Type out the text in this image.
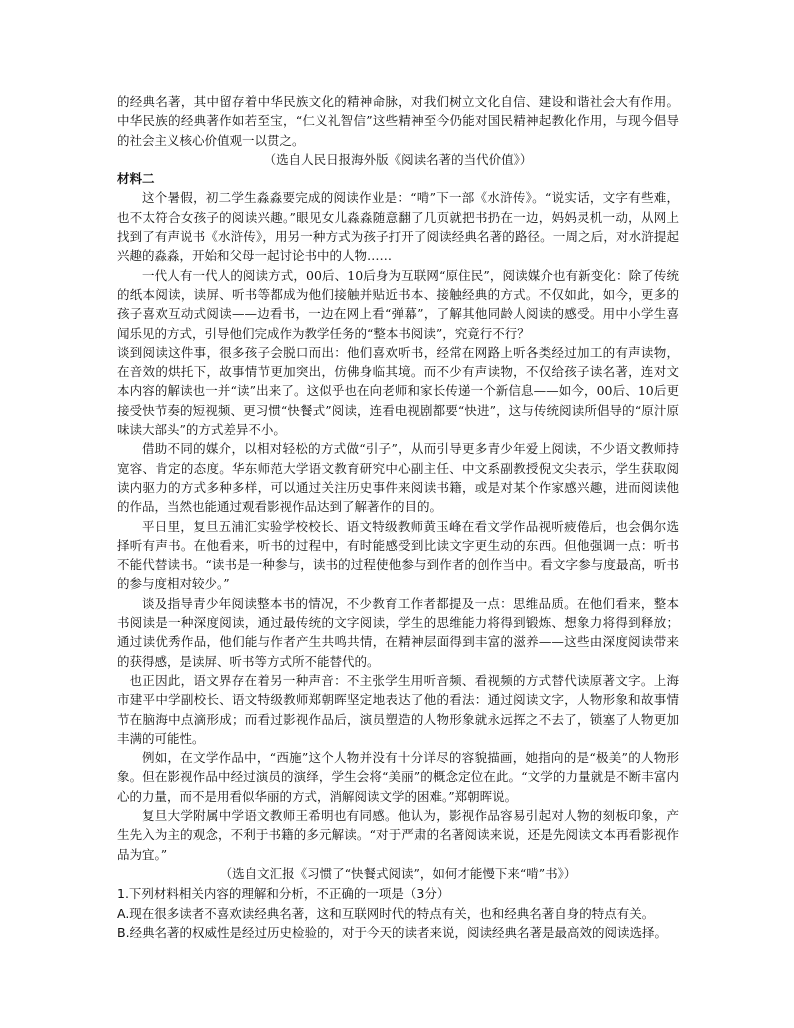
的经典名著，其中留存着中华民族文化的精神命脉，对我们树立文化自信、建设和谐社会大有作用。中华民族的经典著作如若至宝，“仁义礼智信”这些精神至今仍能对国民精神起教化作用，与现今倡导的社会主义核心价值观一以贯之。

（选自人民日报海外版《阅读名著的当代价值》）

材料二

这个暑假，初二学生淼淼要完成的阅读作业是：“啃”下一部《水浒传》。“说实话，文字有些难，也不太符合女孩子的阅读兴趣。”眼见女儿淼淼随意翻了几页就把书扔在一边，妈妈灵机一动，从网上找到了有声说书《水浒传》，用另一种方式为孩子打开了阅读经典名著的路径。一周之后，对水浒提起兴趣的淼淼，开始和父母一起讨论书中的人物……

一代人有一代人的阅读方式，00后、10后身为互联网“原住民”，阅读媒介也有新变化：除了传统的纸本阅读，读屏、听书等都成为他们接触并贴近书本、接触经典的方式。不仅如此，如今，更多的孩子喜欢互动式阅读——边看书，一边在网上看“弹幕”，了解其他同龄人阅读的感受。用中小学生喜闻乐见的方式，引导他们完成作为教学任务的“整本书阅读”，究竟行不行？

谈到阅读这件事，很多孩子会脱口而出：他们喜欢听书，经常在网路上听各类经过加工的有声读物，在音效的烘托下，故事情节更加突出，仿佛身临其境。而不少有声读物，不仅给孩子读名著，连对文本内容的解读也一并“读”出来了。这似乎也在向老师和家长传递一个新信息——如今，00后、10后更接受快节奏的短视频、更习惯“快餐式”阅读，连看电视剧都要“快进”，这与传统阅读所倡导的“原汁原味读大部头”的方式差异不小。

借助不同的媒介，以相对轻松的方式做“引子”，从而引导更多青少年爱上阅读，不少语文教师持宽容、肯定的态度。华东师范大学语文教育研究中心副主任、中文系副教授倪文尖表示，学生获取阅读内驱力的方式多种多样，可以通过关注历史事件来阅读书籍，或是对某个作家感兴趣，进而阅读他的作品，当然也能通过观看影视作品达到了解著作的目的。

平日里，复旦五浦汇实验学校校长、语文特级教师黄玉峰在看文学作品视听疲倦后，也会偶尔选择听有声书。在他看来，听书的过程中，有时能感受到比读文字更生动的东西。但他强调一点：听书不能代替读书。“读书是一种参与，读书的过程使他参与到作者的创作当中。看文字参与度最高，听书的参与度相对较少。”

谈及指导青少年阅读整本书的情况，不少教育工作者都提及一点：思维品质。在他们看来，整本书阅读是一种深度阅读，通过最传统的文字阅读，学生的思维能力将得到锻炼、想象力将得到释放；通过读优秀作品，他们能与作者产生共鸣共情，在精神层面得到丰富的滋养——这些由深度阅读带来的获得感，是读屏、听书等方式所不能替代的。

也正因此，语文界存在着另一种声音：不主张学生用听音频、看视频的方式替代读原著文字。上海市建平中学副校长、语文特级教师郑朝晖坚定地表达了他的看法：通过阅读文字，人物形象和故事情节在脑海中点滴形成；而看过影视作品后，演员塑造的人物形象就永远挥之不去了，锁塞了人物更加丰满的可能性。

例如，在文学作品中，“西施”这个人物并没有十分详尽的容貌描画，她指向的是“极美”的人物形象。但在影视作品中经过演员的演绎，学生会将“美丽”的概念定位在此。“文学的力量就是不断丰富内心的力量，而不是用看似华丽的方式，消解阅读文学的困难。”郑朝晖说。

复旦大学附属中学语文教师王希明也有同感。他认为，影视作品容易引起对人物的刻板印象，产生先入为主的观念，不利于书籍的多元解读。“对于严肃的名著阅读来说，还是先阅读文本再看影视作品为宜。”

（选自文汇报《习惯了“快餐式阅读”，如何才能慢下来“啃”书》）

1.下列材料相关内容的理解和分析，不正确的一项是（3分）

A.现在很多读者不喜欢读经典名著，这和互联网时代的特点有关，也和经典名著自身的特点有关。

B.经典名著的权威性是经过历史检验的，对于今天的读者来说，阅读经典名著是最高效的阅读选择。
